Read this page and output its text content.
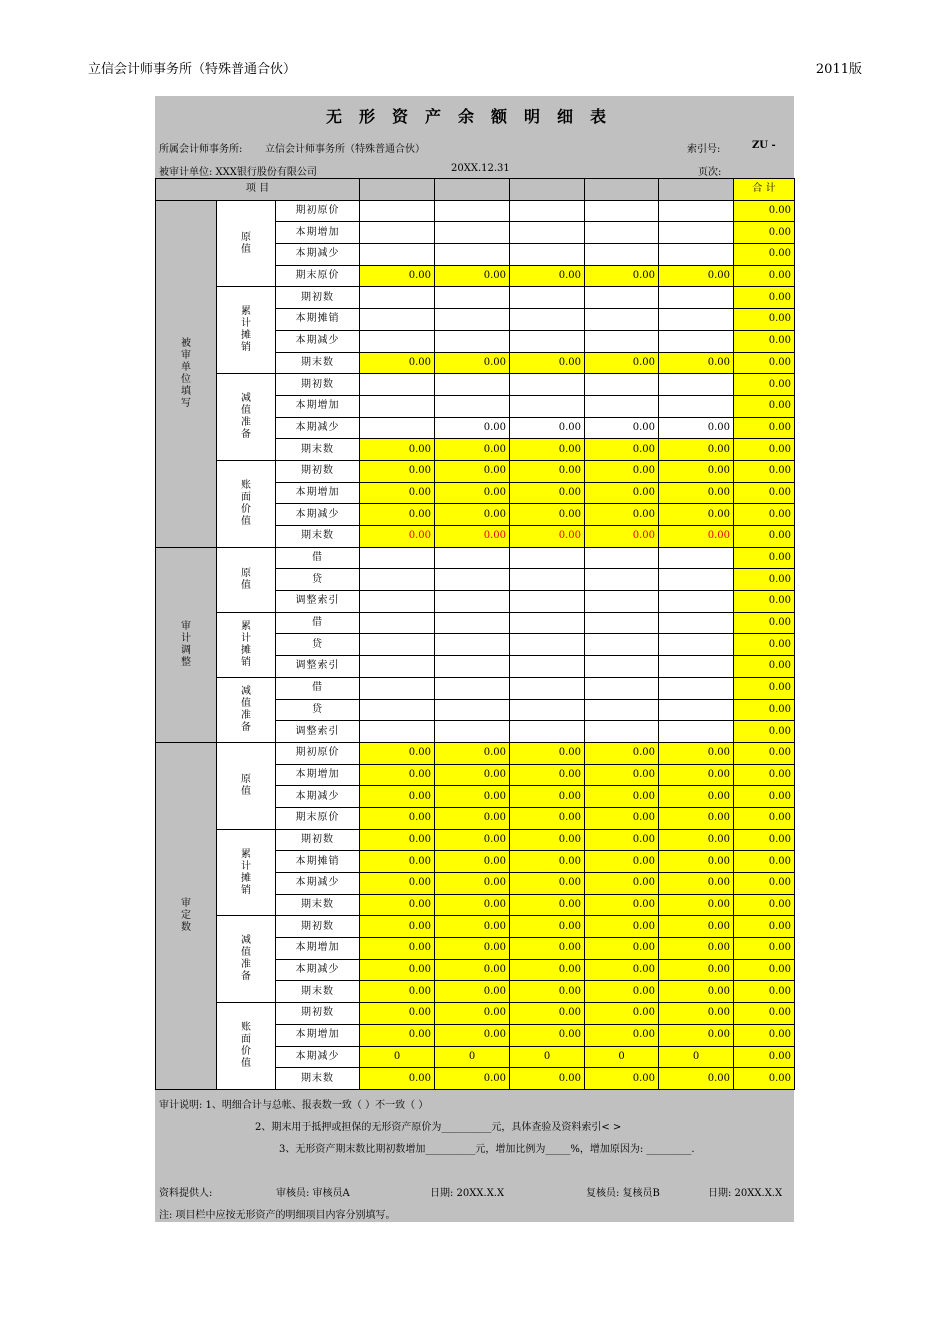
立信会计师事务所（特殊普通合伙）	2011版
无形资产余额明细表
所属会计师事务所: 立信会计师事务所（特殊普通合伙）	索引号:	ZU -
被审计单位: XXX银行股份有限公司	20XX.12.31	页次:
项 目								合 计
被审单位填写	原值	期初原价						0.00
		本期增加						0.00
		本期减少						0.00
		期末原价	0.00	0.00	0.00	0.00	0.00	0.00
	累计摊销	期初数						0.00
		本期摊销						0.00
		本期减少						0.00
		期末数	0.00	0.00	0.00	0.00	0.00	0.00
	减值准备	期初数						0.00
		本期增加						0.00
		本期减少		0.00	0.00	0.00	0.00	0.00
		期末数	0.00	0.00	0.00	0.00	0.00	0.00
	账面价值	期初数	0.00	0.00	0.00	0.00	0.00	0.00
		本期增加	0.00	0.00	0.00	0.00	0.00	0.00
		本期减少	0.00	0.00	0.00	0.00	0.00	0.00
		期末数	0.00	0.00	0.00	0.00	0.00	0.00
审计调整	原值	借						0.00
		贷						0.00
		调整索引						0.00
	累计摊销	借						0.00
		贷						0.00
		调整索引						0.00
	减值准备	借						0.00
		贷						0.00
		调整索引						0.00
审定数	原值	期初原价	0.00	0.00	0.00	0.00	0.00	0.00
		本期增加	0.00	0.00	0.00	0.00	0.00	0.00
		本期减少	0.00	0.00	0.00	0.00	0.00	0.00
		期末原价	0.00	0.00	0.00	0.00	0.00	0.00
	累计摊销	期初数	0.00	0.00	0.00	0.00	0.00	0.00
		本期摊销	0.00	0.00	0.00	0.00	0.00	0.00
		本期减少	0.00	0.00	0.00	0.00	0.00	0.00
		期末数	0.00	0.00	0.00	0.00	0.00	0.00
	减值准备	期初数	0.00	0.00	0.00	0.00	0.00	0.00
		本期增加	0.00	0.00	0.00	0.00	0.00	0.00
		本期减少	0.00	0.00	0.00	0.00	0.00	0.00
		期末数	0.00	0.00	0.00	0.00	0.00	0.00
	账面价值	期初数	0.00	0.00	0.00	0.00	0.00	0.00
		本期增加	0.00	0.00	0.00	0.00	0.00	0.00
		本期减少	0	0	0	0	0	0.00
		期末数	0.00	0.00	0.00	0.00	0.00	0.00
审计说明: 1、明细合计与总帐、报表数一致（ ）不一致（ ）
2、期末用于抵押或担保的无形资产原价为__________元，具体查验及资料索引< >
3、无形资产期末数比期初数增加__________元，增加比例为_____%，增加原因为: _________.
资料提供人:	审核员: 审核员A	日期: 20XX.X.X	复核员: 复核员B	日期: 20XX.X.X
注: 项目栏中应按无形资产的明细项目内容分别填写。
